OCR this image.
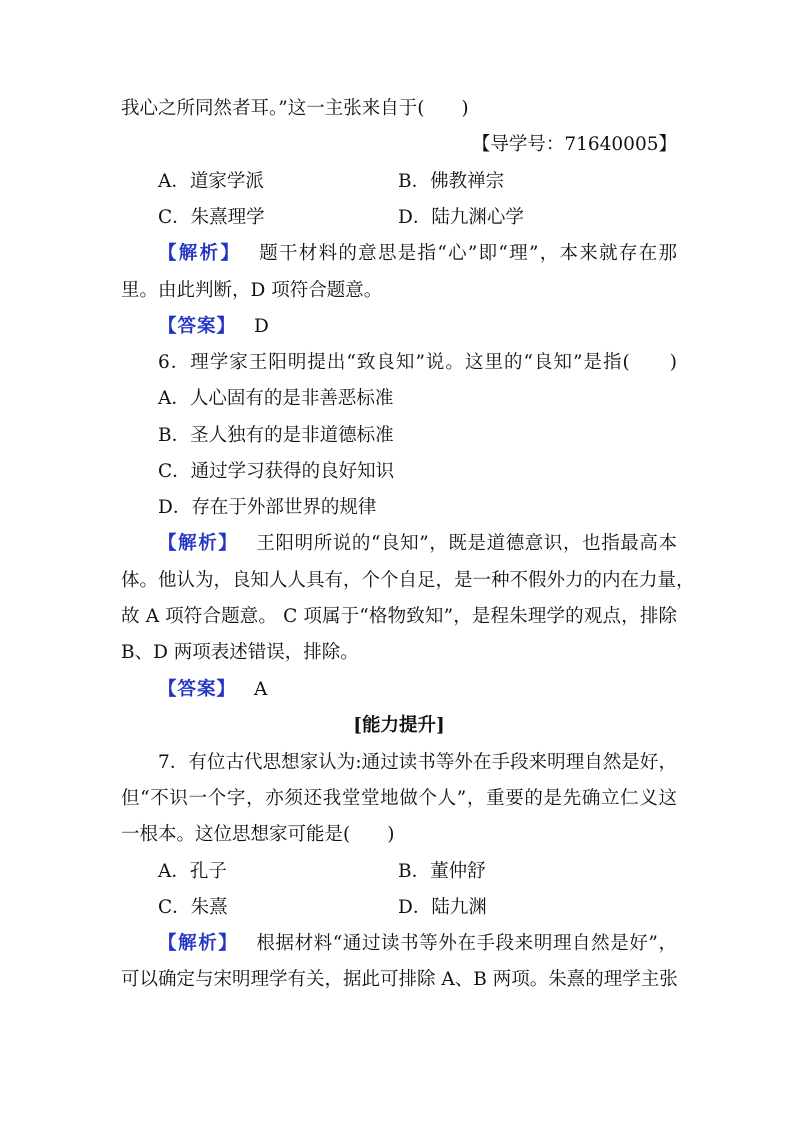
我心之所同然者耳。”这一主张来自于(　　)
【导学号：71640005】
A．道家学派	B．佛教禅宗
C．朱熹理学	D．陆九渊心学
【解析】 题干材料的意思是指“心”即“理”，本来就存在那
里。由此判断，D 项符合题意。
【答案】 D
6．理学家王阳明提出“致良知”说。这里的“良知”是指(　　)
A．人心固有的是非善恶标准
B．圣人独有的是非道德标准
C．通过学习获得的良好知识
D．存在于外部世界的规律
【解析】 王阳明所说的“良知”，既是道德意识，也指最高本
体。他认为，良知人人具有，个个自足，是一种不假外力的内在力量，
故 A 项符合题意。 C 项属于“格物致知”，是程朱理学的观点，排除
B、D 两项表述错误，排除。
【答案】 A
[能力提升]
7．有位古代思想家认为:通过读书等外在手段来明理自然是好，
但“不识一个字，亦须还我堂堂地做个人”，重要的是先确立仁义这
一根本。这位思想家可能是(　　)
A．孔子	B．董仲舒
C．朱熹	D．陆九渊
【解析】 根据材料“通过读书等外在手段来明理自然是好”，
可以确定与宋明理学有关，据此可排除 A、B 两项。朱熹的理学主张
